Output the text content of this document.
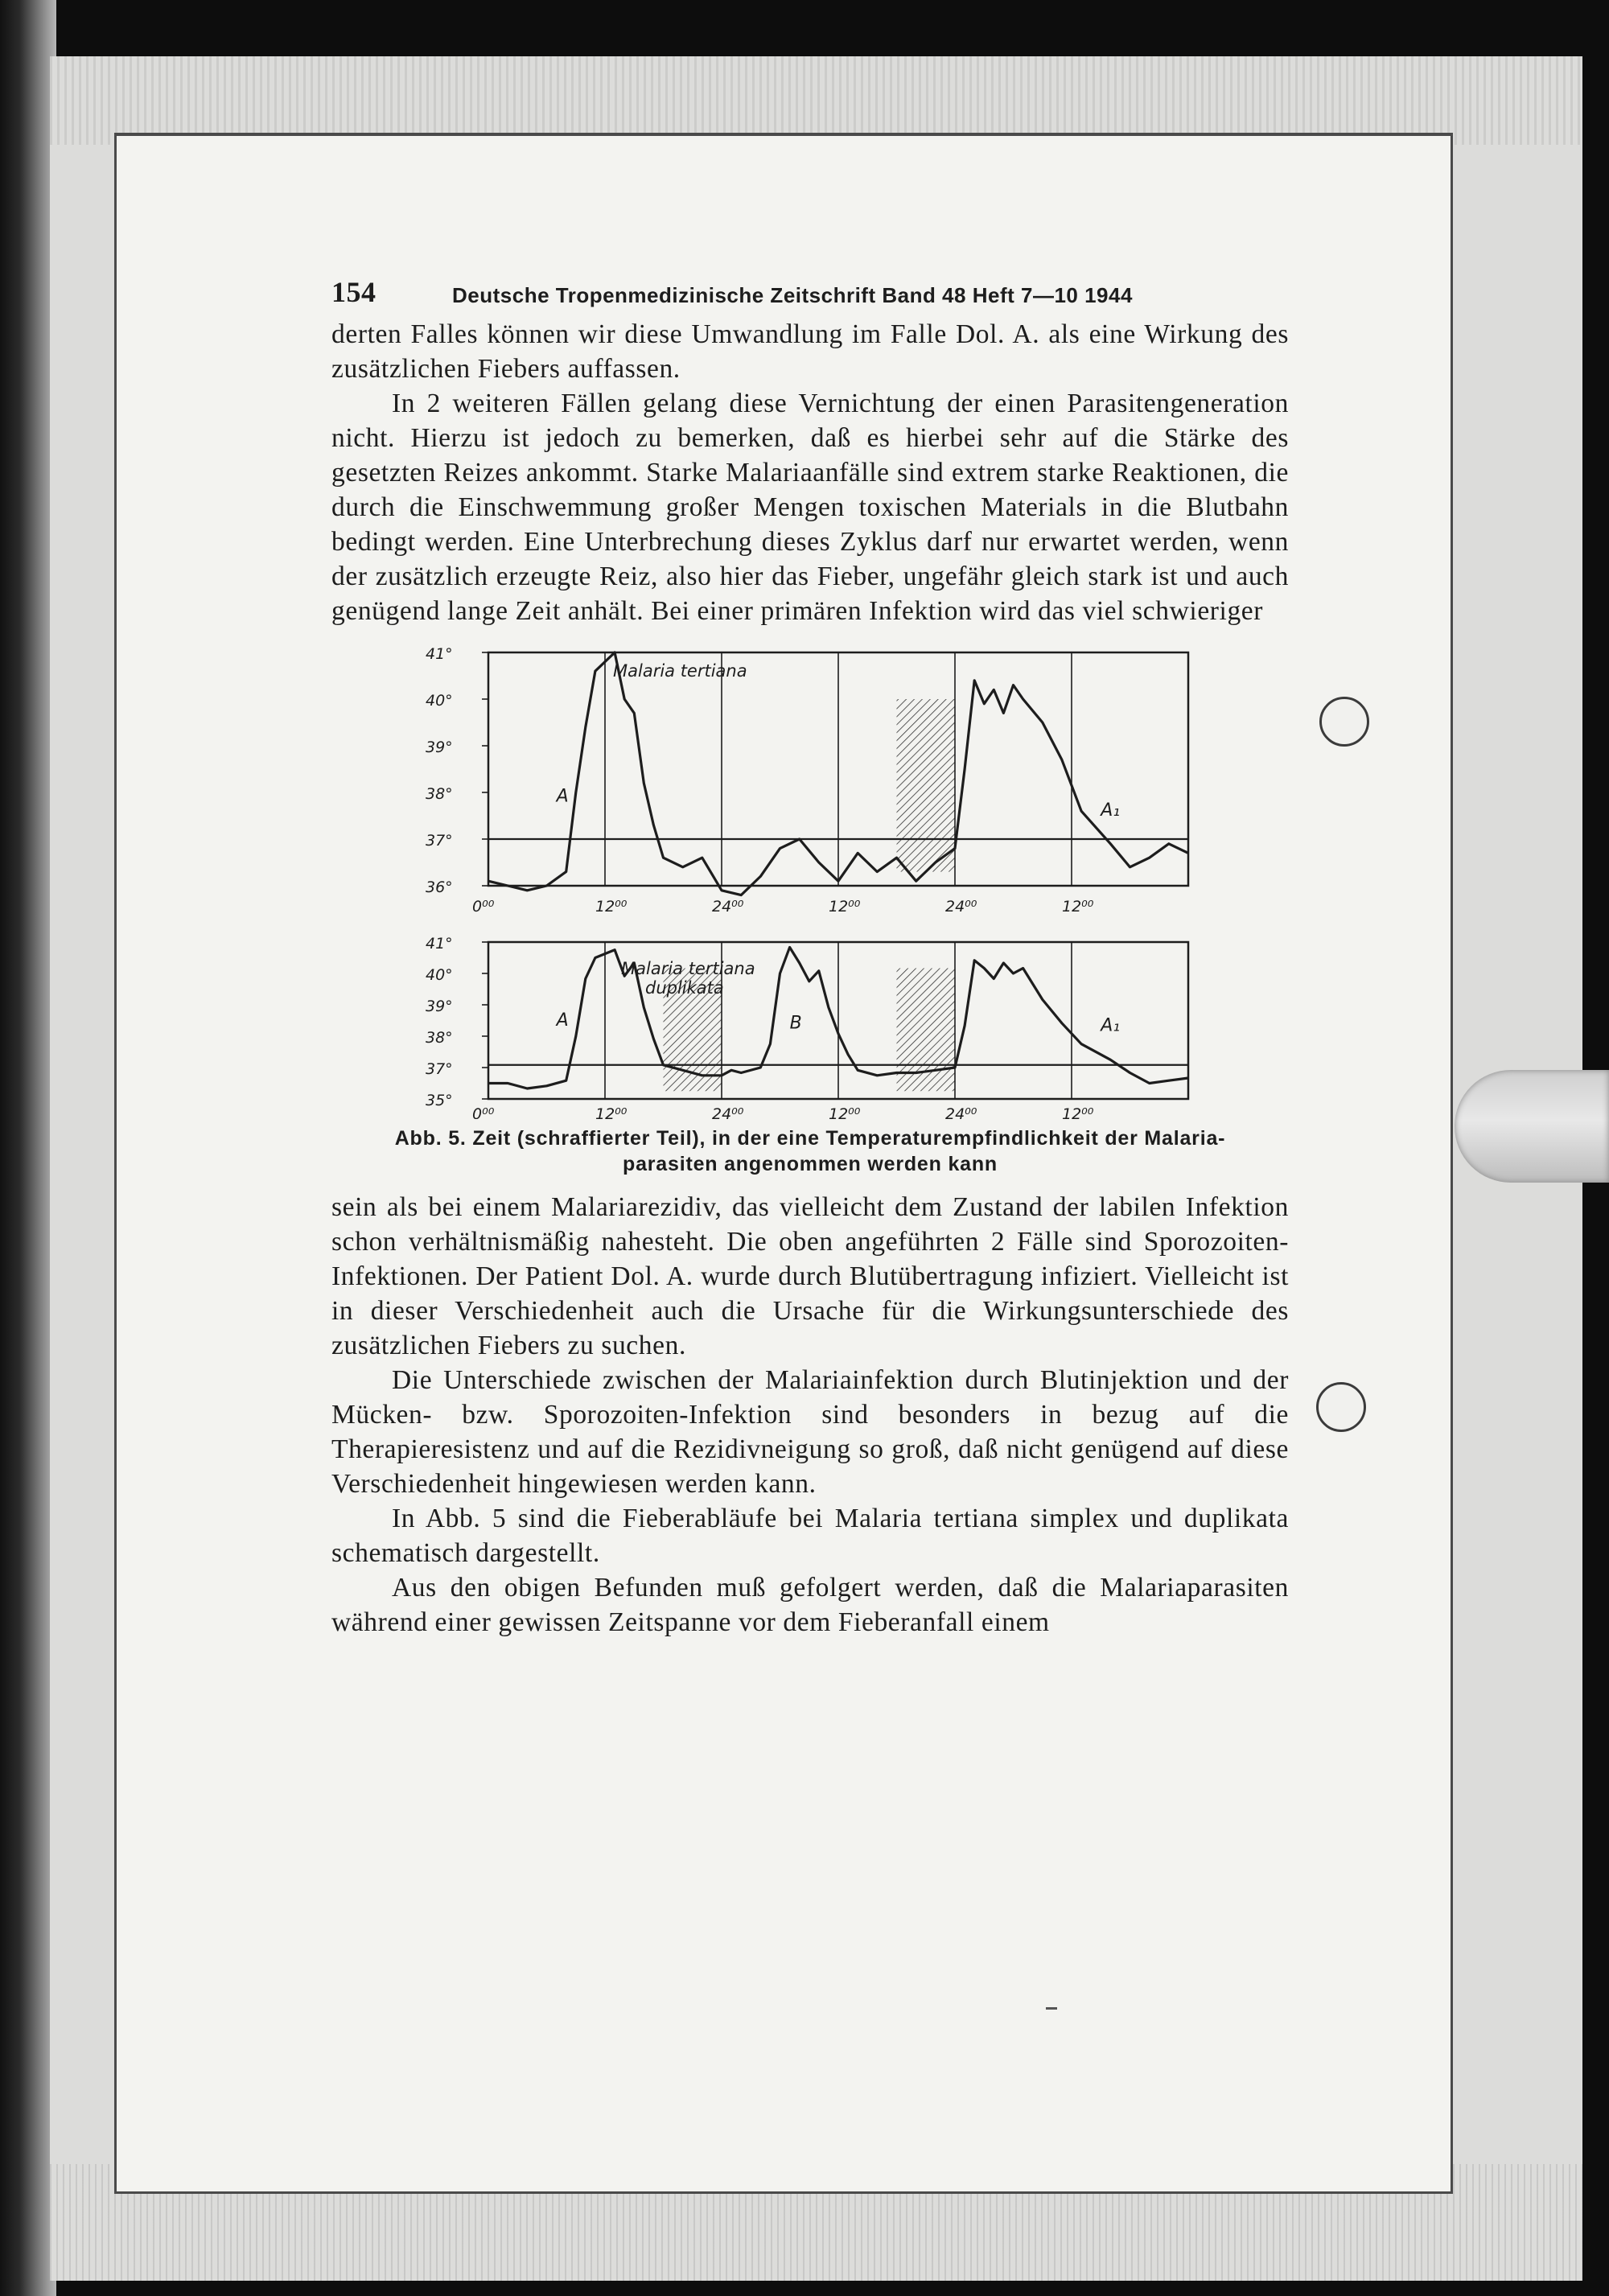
154	Deutsche Tropenmedizinische Zeitschrift Band 48 Heft 7—10 1944

derten Falles können wir diese Umwandlung im Falle Dol. A. als eine Wirkung des zusätzlichen Fiebers auffassen.

In 2 weiteren Fällen gelang diese Vernichtung der einen Parasitengeneration nicht. Hierzu ist jedoch zu bemerken, daß es hierbei sehr auf die Stärke des gesetzten Reizes ankommt. Starke Malariaanfälle sind extrem starke Reaktionen, die durch die Einschwemmung großer Mengen toxischen Materials in die Blutbahn bedingt werden. Eine Unterbrechung dieses Zyklus darf nur erwartet werden, wenn der zusätzlich erzeugte Reiz, also hier das Fieber, ungefähr gleich stark ist und auch genügend lange Zeit anhält. Bei einer primären Infektion wird das viel schwieriger

41°
40°
39°
38°
37°
36°
0⁰⁰	12⁰⁰	24⁰⁰	12⁰⁰	24⁰⁰	12⁰⁰
Malaria tertiana
A
A₁
41°
40°
39°
38°
37°
35°
0⁰⁰	12⁰⁰	24⁰⁰	12⁰⁰	24⁰⁰	12⁰⁰
Malaria tertiana duplikata
A	B	A₁
Abb. 5. Zeit (schraffierter Teil), in der eine Temperaturempfindlichkeit der Malaria-
parasiten angenommen werden kann

sein als bei einem Malariarezidiv, das vielleicht dem Zustand der labilen Infektion schon verhältnismäßig nahesteht. Die oben angeführten 2 Fälle sind Sporozoiten-Infektionen. Der Patient Dol. A. wurde durch Blutübertragung infiziert. Vielleicht ist in dieser Verschiedenheit auch die Ursache für die Wirkungsunterschiede des zusätzlichen Fiebers zu suchen.

Die Unterschiede zwischen der Malariainfektion durch Blutinjektion und der Mücken- bzw. Sporozoiten-Infektion sind besonders in bezug auf die Therapieresistenz und auf die Rezidivneigung so groß, daß nicht genügend auf diese Verschiedenheit hingewiesen werden kann.

In Abb. 5 sind die Fieberabläufe bei Malaria tertiana simplex und duplikata schematisch dargestellt.

Aus den obigen Befunden muß gefolgert werden, daß die Malariaparasiten während einer gewissen Zeitspanne vor dem Fieberanfall einem
